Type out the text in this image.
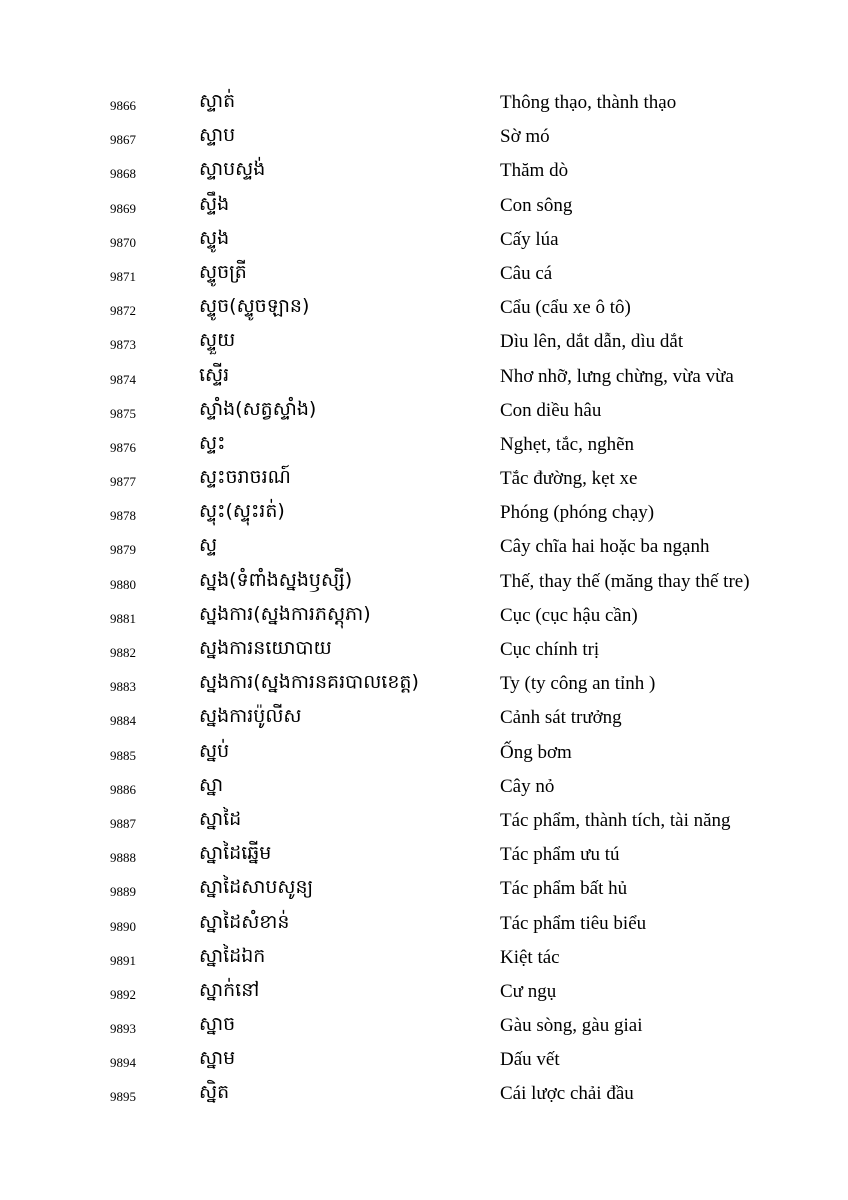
9866	ស្ទាត់	Thông thạo, thành thạo
9867	ស្ទាប	Sờ mó
9868	ស្ទាបស្ទង់	Thăm dò
9869	ស្ទឹង	Con sông
9870	ស្ទូង	Cấy lúa
9871	ស្ទូចត្រី	Câu cá
9872	ស្ទូច(ស្ទូចឡាន)	Cẩu (cẩu xe ô tô)
9873	ស្ទួយ	Dìu lên, dắt dẫn, dìu dắt
9874	ស្ទើរ	Nhơ nhỡ, lưng chừng, vừa vừa
9875	ស្ទាំង(សត្វស្ទាំង)	Con diều hâu
9876	ស្ទះ	Nghẹt, tắc, nghẽn
9877	ស្ទះចរាចរណ៍	Tắc đường, kẹt xe
9878	ស្ទុះ(ស្ទុះរត់)	Phóng (phóng chạy)
9879	ស្ទ	Cây chĩa hai hoặc ba ngạnh
9880	ស្នង(ទំពាំងស្នងឫស្សី)	Thế, thay thế (măng thay thế tre)
9881	ស្នងការ(ស្នងការភស្តុភា)	Cục (cục hậu cần)
9882	ស្នងការនយោបាយ	Cục chính trị
9883	ស្នងការ(ស្នងការនគរបាលខេត្ត)	Ty (ty công an tỉnh )
9884	ស្នងការប៉ូលីស	Cảnh sát trưởng
9885	ស្នប់	Ống bơm
9886	ស្នា	Cây nỏ
9887	ស្នាដៃ	Tác phẩm, thành tích, tài năng
9888	ស្នាដៃឆ្នើម	Tác phẩm ưu tú
9889	ស្នាដៃសាបសូន្យ	Tác phẩm bất hủ
9890	ស្នាដៃសំខាន់	Tác phẩm tiêu biểu
9891	ស្នាដៃឯក	Kiệt tác
9892	ស្នាក់នៅ	Cư ngụ
9893	ស្នាច	Gàu sòng, gàu giai
9894	ស្នាម	Dấu vết
9895	ស្និត	Cái lược chải đầu
